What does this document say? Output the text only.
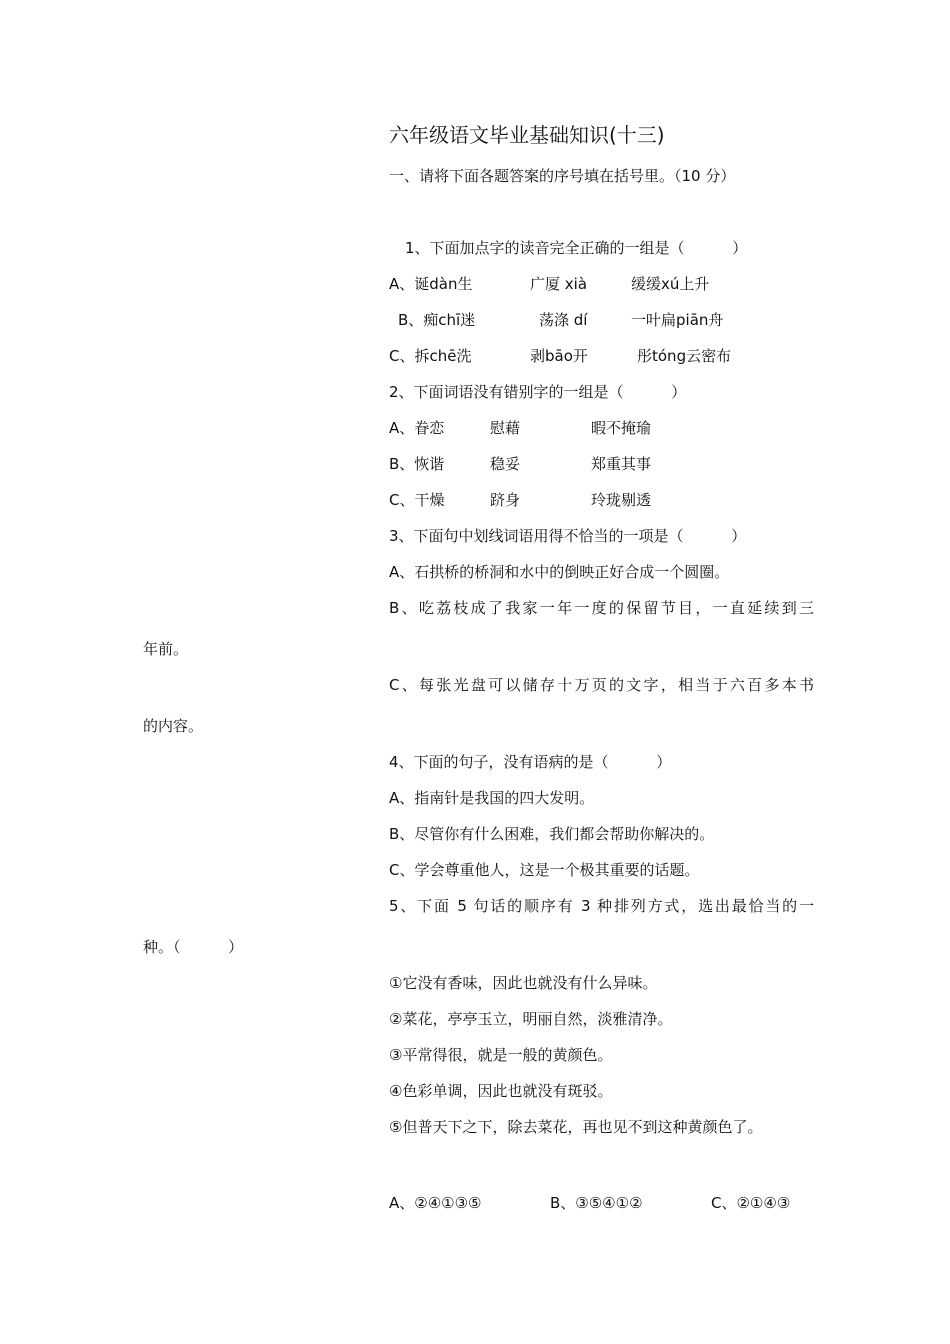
六年级语文毕业基础知识(十三)
一、请将下面各题答案的序号填在括号里。（10 分）
1、下面加点字的读音完全正确的一组是（          ）
A、诞dàn生	广厦 xià	缓缓xú上升
B、痴chī迷	荡涤 dí	一叶扁piān舟
C、拆chē洗	剥bāo开	彤tóng云密布
2、下面词语没有错别字的一组是（          ）
A、眷恋	慰藉	暇不掩瑜
B、恢谐	稳妥	郑重其事
C、干燥	跻身	玲珑剔透
3、下面句中划线词语用得不恰当的一项是（          ）
A、石拱桥的桥洞和水中的倒映正好合成一个圆圈。
B、吃荔枝成了我家一年一度的保留节目，一直延续到三
年前。
C、每张光盘可以储存十万页的文字，相当于六百多本书
的内容。
4、下面的句子，没有语病的是（          ）
A、指南针是我国的四大发明。
B、尽管你有什么困难，我们都会帮助你解决的。
C、学会尊重他人，这是一个极其重要的话题。
5、下面 5 句话的顺序有 3 种排列方式，选出最恰当的一
种。（          ）
①它没有香味，因此也就没有什么异味。
②菜花，亭亭玉立，明丽自然，淡雅清净。
③平常得很，就是一般的黄颜色。
④色彩单调，因此也就没有斑驳。
⑤但普天下之下，除去菜花，再也见不到这种黄颜色了。
A、②④①③⑤	B、③⑤④①②	C、②①④③
